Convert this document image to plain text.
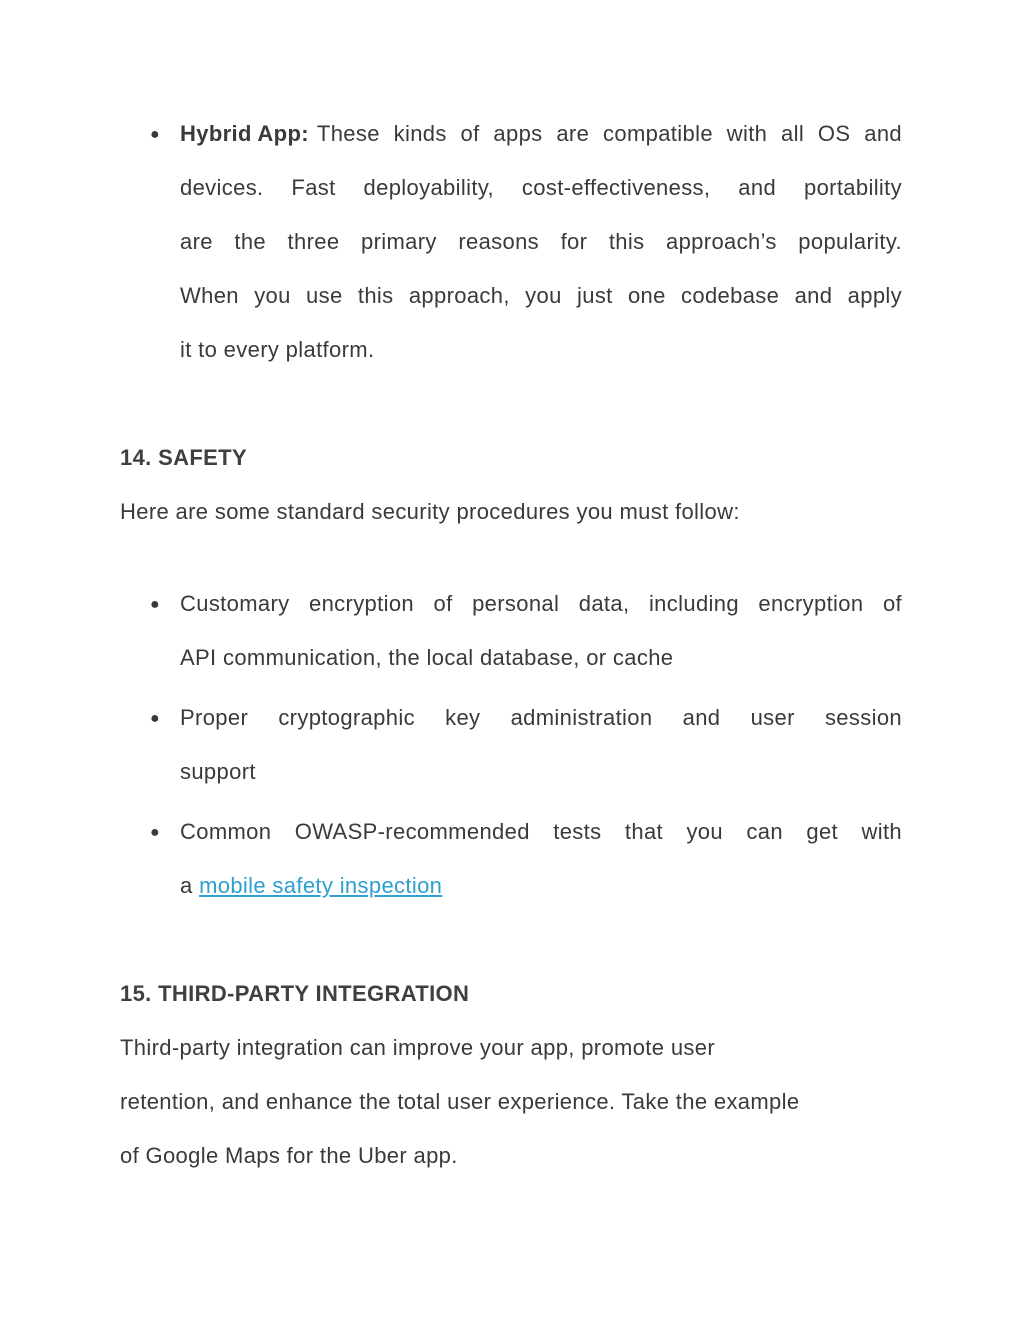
● Hybrid App: These kinds of apps are compatible with all OS and
devices. Fast deployability, cost-effectiveness, and portability
are the three primary reasons for this approach’s popularity.
When you use this approach, you just one codebase and apply
it to every platform.
14. SAFETY
Here are some standard security procedures you must follow:
● Customary encryption of personal data, including encryption of
API communication, the local database, or cache
● Proper cryptographic key administration and user session
support
● Common OWASP-recommended tests that you can get with
a mobile safety inspection
15. THIRD-PARTY INTEGRATION
Third-party integration can improve your app, promote user
retention, and enhance the total user experience. Take the example
of Google Maps for the Uber app.
